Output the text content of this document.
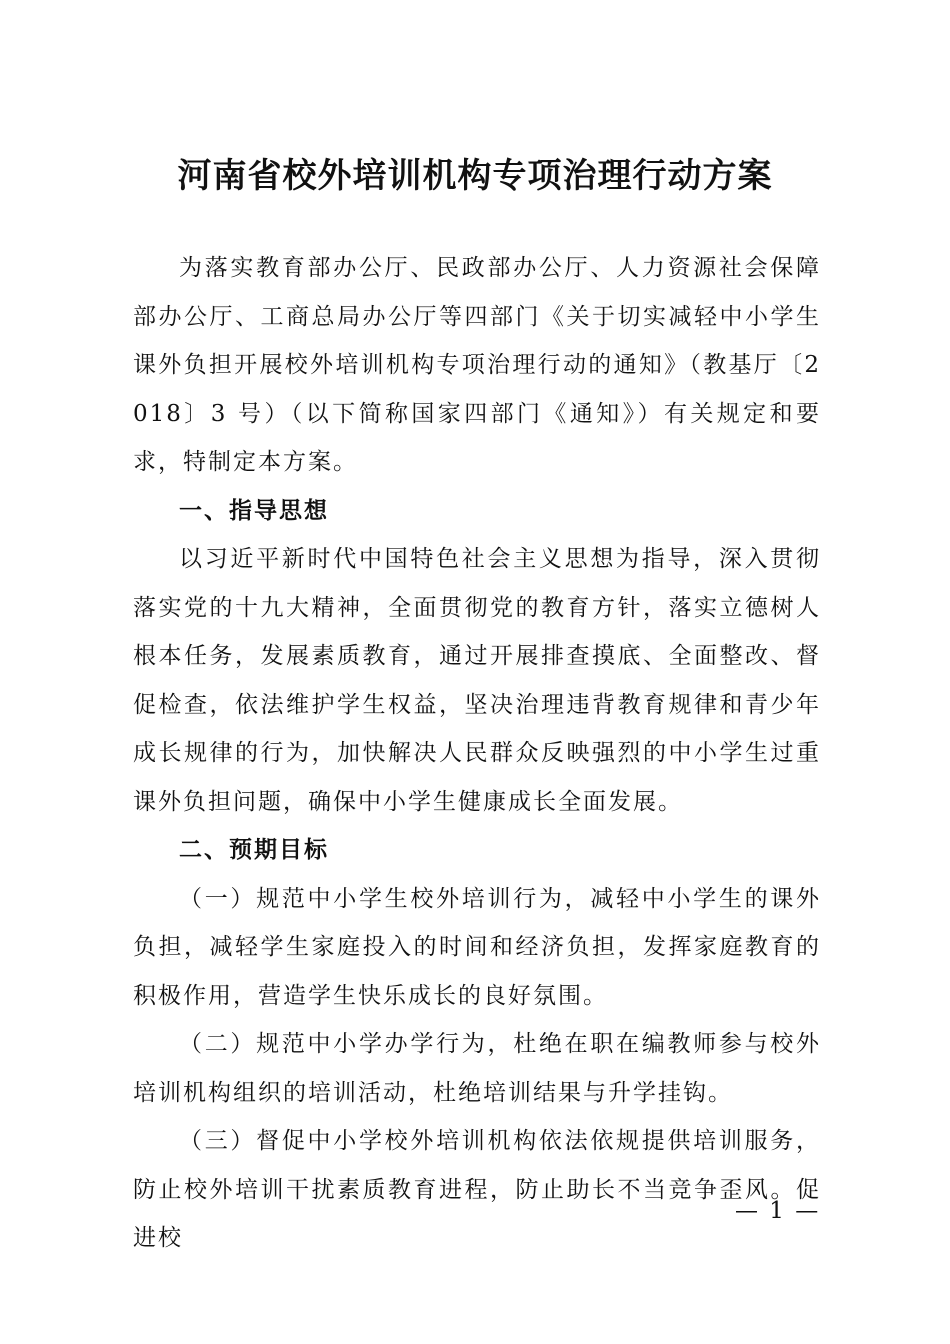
河南省校外培训机构专项治理行动方案

为落实教育部办公厅、民政部办公厅、人力资源社会保障部办公厅、工商总局办公厅等四部门《关于切实减轻中小学生课外负担开展校外培训机构专项治理行动的通知》（教基厅〔2018〕3 号）（以下简称国家四部门《通知》）有关规定和要求，特制定本方案。

一、指导思想

以习近平新时代中国特色社会主义思想为指导，深入贯彻落实党的十九大精神，全面贯彻党的教育方针，落实立德树人根本任务，发展素质教育，通过开展排查摸底、全面整改、督促检查，依法维护学生权益，坚决治理违背教育规律和青少年成长规律的行为，加快解决人民群众反映强烈的中小学生过重课外负担问题，确保中小学生健康成长全面发展。

二、预期目标

（一）规范中小学生校外培训行为，减轻中小学生的课外负担，减轻学生家庭投入的时间和经济负担，发挥家庭教育的积极作用，营造学生快乐成长的良好氛围。

（二）规范中小学办学行为，杜绝在职在编教师参与校外培训机构组织的培训活动，杜绝培训结果与升学挂钩。

（三）督促中小学校外培训机构依法依规提供培训服务，防止校外培训干扰素质教育进程，防止助长不当竞争歪风。促进校

— 1 —
